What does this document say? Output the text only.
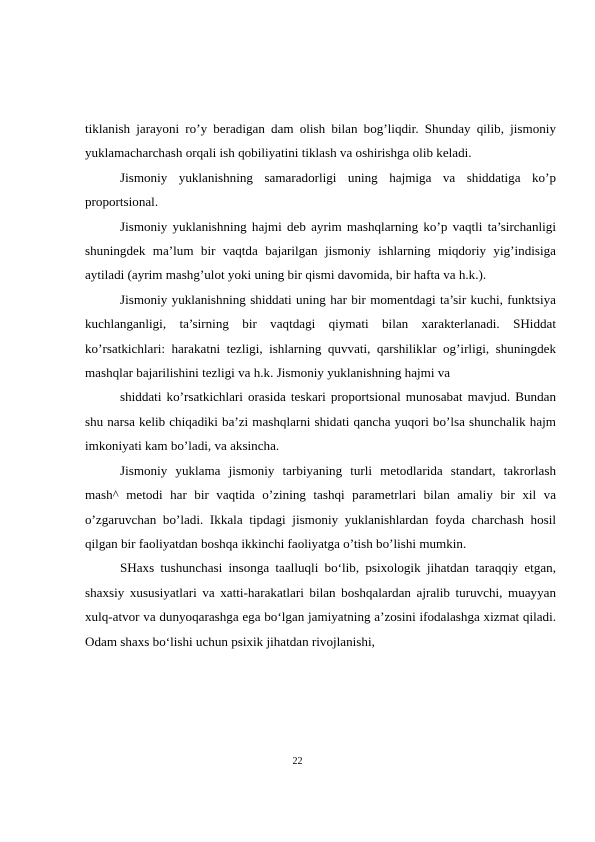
tiklanish jarayoni ro’y beradigan dam olish bilan bog’liqdir. Shunday qilib, jismoniy yuklamacharchash orqali ish qobiliyatini tiklash va oshirishga olib keladi.

Jismoniy yuklanishning samaradorligi uning hajmiga va shiddatiga ko’p proportsional.

Jismoniy yuklanishning hajmi deb ayrim mashqlarning ko’p vaqtli ta’sirchanligi shuningdek ma’lum bir vaqtda bajarilgan jismoniy ishlarning miqdoriy yig’indisiga aytiladi (ayrim mashg’ulot yoki uning bir qismi davomida, bir hafta va h.k.).

Jismoniy yuklanishning shiddati uning har bir momentdagi ta’sir kuchi, funktsiya kuchlanganligi, ta’sirning bir vaqtdagi qiymati bilan xarakterlanadi. SHiddat ko’rsatkichlari: harakatni tezligi, ishlarning quvvati, qarshiliklar og’irligi, shuningdek mashqlar bajarilishini tezligi va h.k. Jismoniy yuklanishning hajmi va

shiddati ko’rsatkichlari orasida teskari proportsional munosabat mavjud. Bundan shu narsa kelib chiqadiki ba’zi mashqlarni shidati qancha yuqori bo’lsa shunchalik hajm imkoniyati kam bo’ladi, va aksincha.

Jismoniy yuklama jismoniy tarbiyaning turli metodlarida standart, takrorlash mash^ metodi har bir vaqtida o’zining tashqi parametrlari bilan amaliy bir xil va o’zgaruvchan bo’ladi. Ikkala tipdagi jismoniy yuklanishlardan foyda charchash hosil qilgan bir faoliyatdan boshqa ikkinchi faoliyatga o’tish bo’lishi mumkin.

SHaxs tushunchasi insonga taalluqli bo‘lib, psixologik jihatdan taraqqiy etgan, shaxsiy xususiyatlari va xatti-harakatlari bilan boshqalardan ajralib turuvchi, muayyan xulq-atvor va dunyoqarashga ega bo‘lgan jamiyatning a’zosini ifodalashga xizmat qiladi. Odam shaxs bo‘lishi uchun psixik jihatdan rivojlanishi,

22
